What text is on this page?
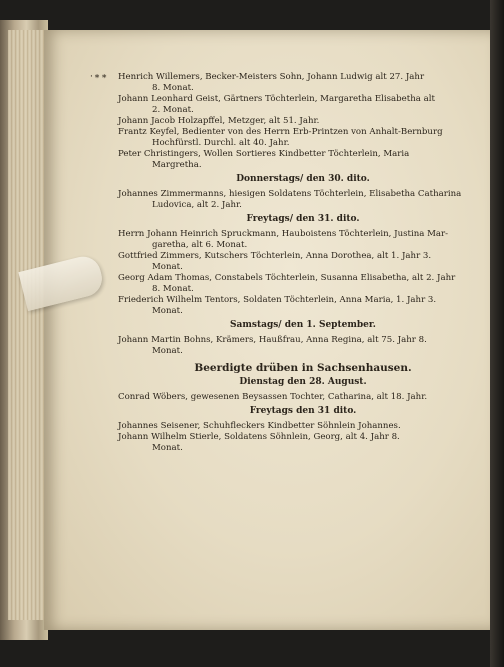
·∗∗ Henrich Willemers, Becker-Meisters Sohn, Johann Ludwig alt 27. Jahr
8. Monat.
Johann Leonhard Geist, Gärtners Töchterlein, Margaretha Elisabetha alt
2. Monat.
Johann Jacob Holzapffel, Metzger, alt 51. Jahr.
Frantz Keyfel, Bedienter von des Herrn Erb-Printzen von Anhalt-Bernburg
Hochfürstl. Durchl. alt 40. Jahr.
Peter Christingers, Wollen Sortieres Kindbetter Töchterlein, Maria
Margretha.
Donnerstags/ den 30. dito.
Johannes Zimmermanns, hiesigen Soldatens Töchterlein, Elisabetha Catharina
Ludovica, alt 2. Jahr.
Freytags/ den 31. dito.
Herrn Johann Heinrich Spruckmann, Hauboistens Töchterlein, Justina Mar-
garetha, alt 6. Monat.
Gottfried Zimmers, Kutschers Töchterlein, Anna Dorothea, alt 1. Jahr 3.
Monat.
Georg Adam Thomas, Constabels Töchterlein, Susanna Elisabetha, alt 2. Jahr
8. Monat.
Friederich Wilhelm Tentors, Soldaten Töchterlein, Anna Maria, 1. Jahr 3.
Monat.
Samstags/ den 1. September.
Johann Martin Bohns, Krämers, Haußfrau, Anna Regina, alt 75. Jahr 8.
Monat.
Beerdigte drüben in Sachsenhausen.
Dienstag den 28. August.
Conrad Wöbers, gewesenen Beysassen Tochter, Catharina, alt 18. Jahr.
Freytags den 31 dito.
Johannes Seisener, Schuhfleckers Kindbetter Söhnlein Johannes.
Johann Wilhelm Stierle, Soldatens Söhnlein, Georg, alt 4. Jahr 8.
Monat.
